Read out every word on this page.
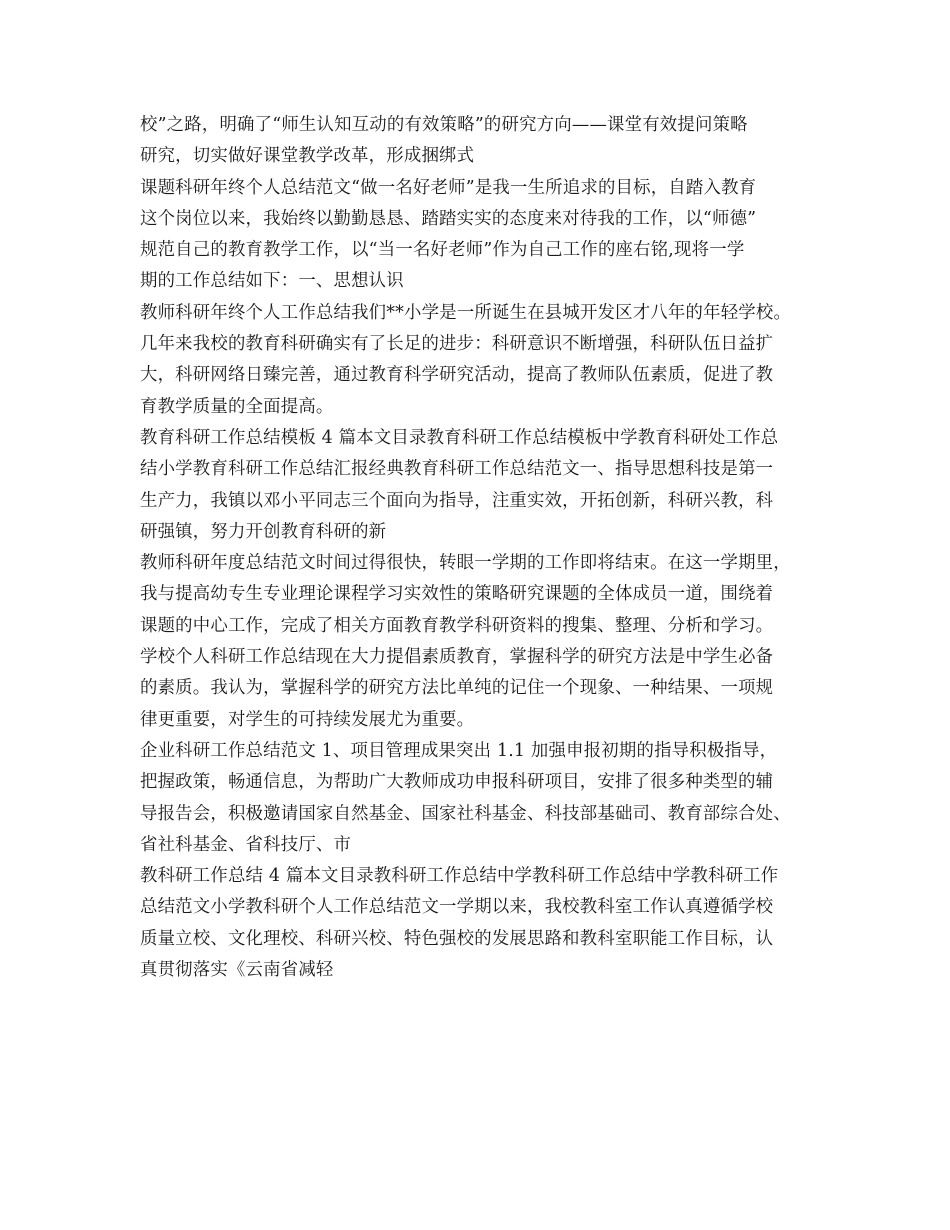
校”之路，明确了“师生认知互动的有效策略”的研究方向——课堂有效提问策略
研究，切实做好课堂教学改革，形成捆绑式
课题科研年终个人总结范文“做一名好老师”是我一生所追求的目标，自踏入教育
这个岗位以来，我始终以勤勤恳恳、踏踏实实的态度来对待我的工作，以“师德”
规范自己的教育教学工作，以“当一名好老师”作为自己工作的座右铭,现将一学
期的工作总结如下：一、思想认识
教师科研年终个人工作总结我们**小学是一所诞生在县城开发区才八年的年轻学校。
几年来我校的教育科研确实有了长足的进步：科研意识不断增强，科研队伍日益扩
大，科研网络日臻完善，通过教育科学研究活动，提高了教师队伍素质，促进了教
育教学质量的全面提高。
教育科研工作总结模板 4 篇本文目录教育科研工作总结模板中学教育科研处工作总
结小学教育科研工作总结汇报经典教育科研工作总结范文一、指导思想科技是第一
生产力，我镇以邓小平同志三个面向为指导，注重实效，开拓创新，科研兴教，科
研强镇，努力开创教育科研的新
教师科研年度总结范文时间过得很快，转眼一学期的工作即将结束。在这一学期里，
我与提高幼专生专业理论课程学习实效性的策略研究课题的全体成员一道，围绕着
课题的中心工作，完成了相关方面教育教学科研资料的搜集、整理、分析和学习。
学校个人科研工作总结现在大力提倡素质教育，掌握科学的研究方法是中学生必备
的素质。我认为，掌握科学的研究方法比单纯的记住一个现象、一种结果、一项规
律更重要，对学生的可持续发展尤为重要。
企业科研工作总结范文 1、项目管理成果突出 1.1 加强申报初期的指导积极指导，
把握政策，畅通信息，为帮助广大教师成功申报科研项目，安排了很多种类型的辅
导报告会，积极邀请国家自然基金、国家社科基金、科技部基础司、教育部综合处、
省社科基金、省科技厅、市
教科研工作总结 4 篇本文目录教科研工作总结中学教科研工作总结中学教科研工作
总结范文小学教科研个人工作总结范文一学期以来，我校教科室工作认真遵循学校
质量立校、文化理校、科研兴校、特色强校的发展思路和教科室职能工作目标，认
真贯彻落实《云南省减轻
